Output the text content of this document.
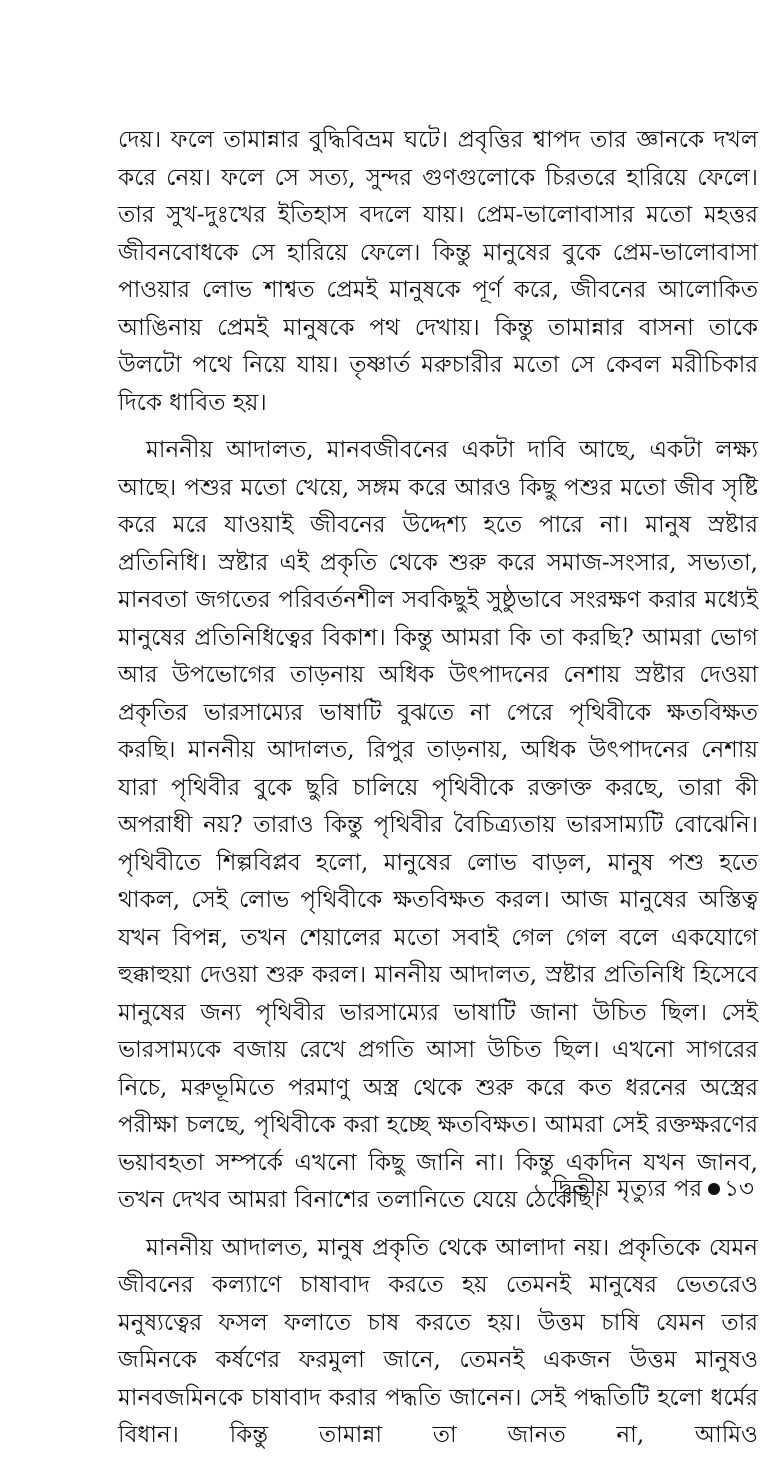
দেয়। ফলে তামান্নার বুদ্ধিবিভ্রম ঘটে। প্রবৃত্তির শ্বাপদ তার জ্ঞানকে দখল করে নেয়। ফলে সে সত্য, সুন্দর গুণগুলোকে চিরতরে হারিয়ে ফেলে। তার সুখ-দুঃখের ইতিহাস বদলে যায়। প্রেম-ভালোবাসার মতো মহত্তর জীবনবোধকে সে হারিয়ে ফেলে। কিন্তু মানুষের বুকে প্রেম-ভালোবাসা পাওয়ার লোভ শাশ্বত প্রেমই মানুষকে পূর্ণ করে, জীবনের আলোকিত আঙিনায় প্রেমই মানুষকে পথ দেখায়। কিন্তু তামান্নার বাসনা তাকে উলটো পথে নিয়ে যায়। তৃষ্ণার্ত মরুচারীর মতো সে কেবল মরীচিকার দিকে ধাবিত হয়।

মাননীয় আদালত, মানবজীবনের একটা দাবি আছে, একটা লক্ষ্য আছে। পশুর মতো খেয়ে, সঙ্গম করে আরও কিছু পশুর মতো জীব সৃষ্টি করে মরে যাওয়াই জীবনের উদ্দেশ্য হতে পারে না। মানুষ স্রষ্টার প্রতিনিধি। স্রষ্টার এই প্রকৃতি থেকে শুরু করে সমাজ-সংসার, সভ্যতা, মানবতা জগতের পরিবর্তনশীল সবকিছুই সুষ্ঠুভাবে সংরক্ষণ করার মধ্যেই মানুষের প্রতিনিধিত্বের বিকাশ। কিন্তু আমরা কি তা করছি? আমরা ভোগ আর উপভোগের তাড়নায় অধিক উৎপাদনের নেশায় স্রষ্টার দেওয়া প্রকৃতির ভারসাম্যের ভাষাটি বুঝতে না পেরে পৃথিবীকে ক্ষতবিক্ষত করছি। মাননীয় আদালত, রিপুর তাড়নায়, অধিক উৎপাদনের নেশায় যারা পৃথিবীর বুকে ছুরি চালিয়ে পৃথিবীকে রক্তাক্ত করছে, তারা কী অপরাধী নয়? তারাও কিন্তু পৃথিবীর বৈচিত্র্যতায় ভারসাম্যটি বোঝেনি। পৃথিবীতে শিল্পবিপ্লব হলো, মানুষের লোভ বাড়ল, মানুষ পশু হতে থাকল, সেই লোভ পৃথিবীকে ক্ষতবিক্ষত করল। আজ মানুষের অস্তিত্ব যখন বিপন্ন, তখন শেয়ালের মতো সবাই গেল গেল বলে একযোগে হুক্কাহুয়া দেওয়া শুরু করল। মাননীয় আদালত, স্রষ্টার প্রতিনিধি হিসেবে মানুষের জন্য পৃথিবীর ভারসাম্যের ভাষাটি জানা উচিত ছিল। সেই ভারসাম্যকে বজায় রেখে প্রগতি আসা উচিত ছিল। এখনো সাগরের নিচে, মরুভূমিতে পরমাণু অস্ত্র থেকে শুরু করে কত ধরনের অস্ত্রের পরীক্ষা চলছে, পৃথিবীকে করা হচ্ছে ক্ষতবিক্ষত। আমরা সেই রক্তক্ষরণের ভয়াবহতা সম্পর্কে এখনো কিছু জানি না। কিন্তু একদিন যখন জানব, তখন দেখব আমরা বিনাশের তলানিতে যেয়ে ঠেকেছি।

মাননীয় আদালত, মানুষ প্রকৃতি থেকে আলাদা নয়। প্রকৃতিকে যেমন জীবনের কল্যাণে চাষাবাদ করতে হয় তেমনই মানুষের ভেতরেও মনুষ্যত্বের ফসল ফলাতে চাষ করতে হয়। উত্তম চাষি যেমন তার জমিনকে কর্ষণের ফরমুলা জানে, তেমনই একজন উত্তম মানুষও মানবজমিনকে চাষাবাদ করার পদ্ধতি জানেন। সেই পদ্ধতিটি হলো ধর্মের বিধান। কিন্তু তামান্না তা জানত না, আমিও

দ্বিতীয় মৃত্যুর পর ১৩
